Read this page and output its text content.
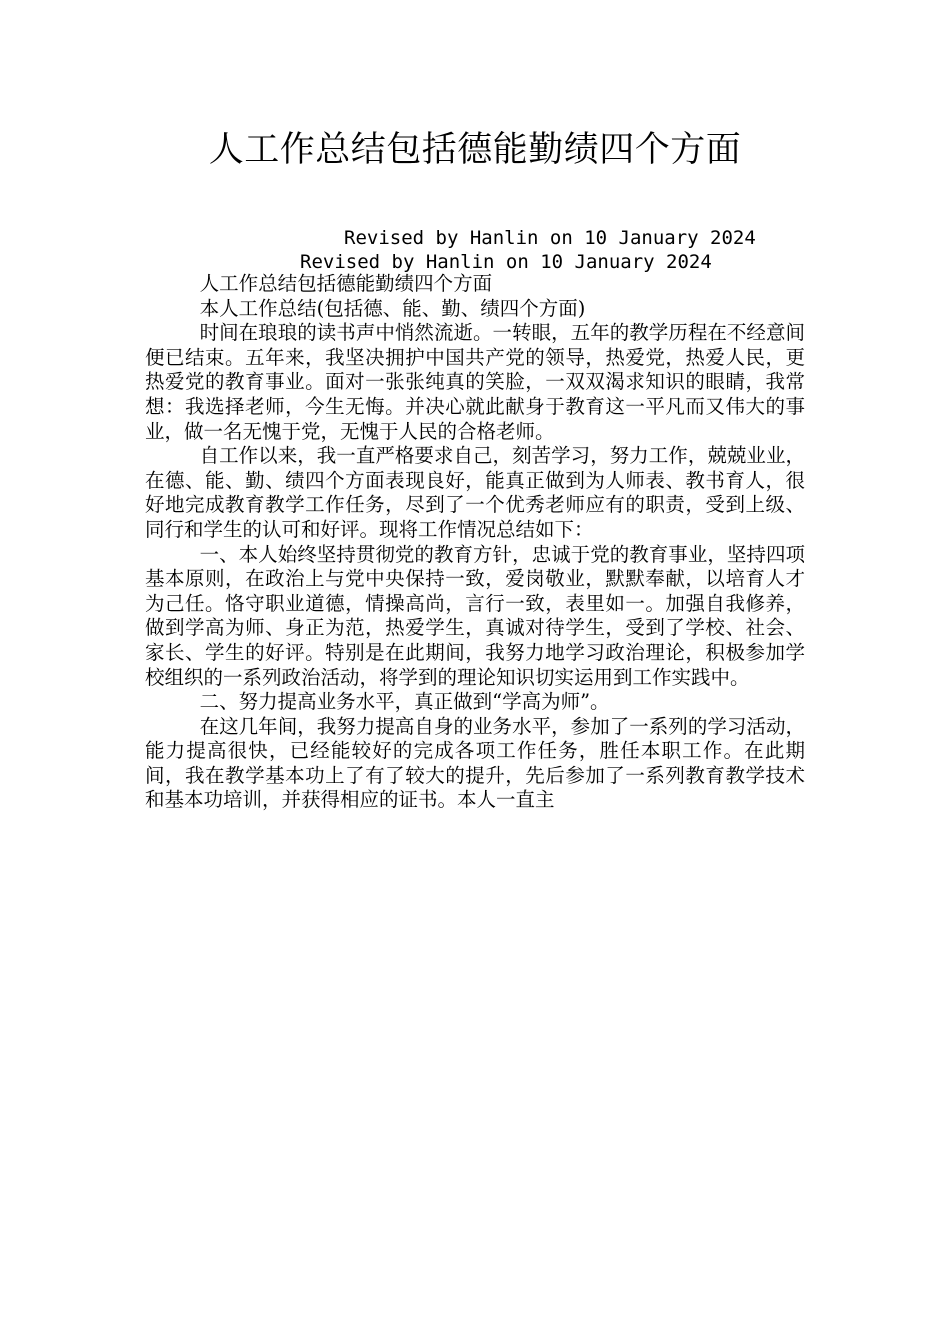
人工作总结包括德能勤绩四个方面
Revised by Hanlin on 10 January 2024
Revised by Hanlin on 10 January 2024

人工作总结包括德能勤绩四个方面

本人工作总结(包括德、能、勤、绩四个方面)

时间在琅琅的读书声中悄然流逝。一转眼，五年的教学历程在不经意间便已结束。五年来，我坚决拥护中国共产党的领导，热爱党，热爱人民，更热爱党的教育事业。面对一张张纯真的笑脸，一双双渴求知识的眼睛，我常想：我选择老师，今生无悔。并决心就此献身于教育这一平凡而又伟大的事业，做一名无愧于党，无愧于人民的合格老师。

自工作以来，我一直严格要求自己，刻苦学习，努力工作，兢兢业业，在德、能、勤、绩四个方面表现良好，能真正做到为人师表、教书育人，很好地完成教育教学工作任务，尽到了一个优秀老师应有的职责，受到上级、同行和学生的认可和好评。现将工作情况总结如下：

一、本人始终坚持贯彻党的教育方针，忠诚于党的教育事业，坚持四项基本原则，在政治上与党中央保持一致，爱岗敬业，默默奉献，以培育人才为己任。恪守职业道德，情操高尚，言行一致，表里如一。加强自我修养，做到学高为师、身正为范，热爱学生，真诚对待学生，受到了学校、社会、家长、学生的好评。特别是在此期间，我努力地学习政治理论，积极参加学校组织的一系列政治活动，将学到的理论知识切实运用到工作实践中。

二、努力提高业务水平，真正做到“学高为师”。

在这几年间，我努力提高自身的业务水平，参加了一系列的学习活动，能力提高很快，已经能较好的完成各项工作任务，胜任本职工作。在此期间，我在教学基本功上了有了较大的提升，先后参加了一系列教育教学技术和基本功培训，并获得相应的证书。本人一直主
